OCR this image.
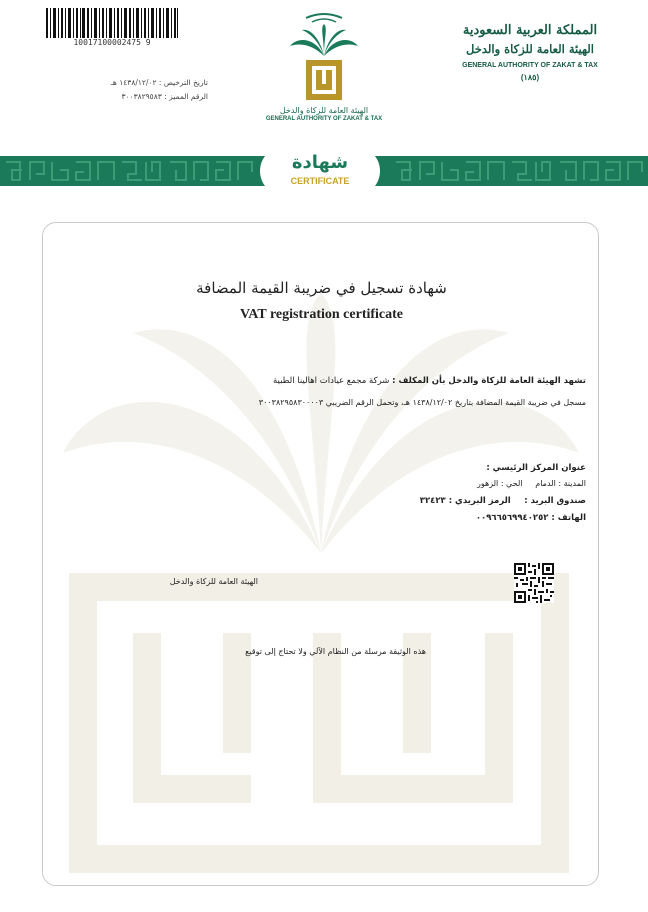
10017100002475 9
تاريخ الترخيص : ١٤٣٨/١٢/٠٢ هـ
الرقم المميز : ٣٠٠٣٨٢٩٥٨٣
الهيئة العامة للزكاة والدخل
GENERAL AUTHORITY OF ZAKAT & TAX
المملكة العربية السعودية
الهيئة العامة للزكاة والدخل
GENERAL AUTHORITY OF ZAKAT & TAX
(١٨٥)
شهادة
CERTIFICATE
شهادة تسجيل في ضريبة القيمة المضافة
VAT registration certificate
تشهد الهيئة العامة للزكاة والدخل بأن المكلف : شركة مجمع عيادات اهالينا الطبية
مسجل في ضريبة القيمة المضافة بتاريخ ١٤٣٨/١٢/٠٢ هـ، وتحمل الرقم الضريبي ٣٠٠٣٨٢٩٥٨٣٠٠٠٠٣
عنوان المركز الرئيسي :
المدينة : الدمام     الحي : الزهور
صندوق البريد :     الرمز البريدي : ٣٢٤٢٣
الهاتف : ٠٠٩٦٦٥٦٩٩٤٠٢٥٢
الهيئة العامة للزكاة والدخل
هذه الوثيقة مرسلة من النظام الآلي ولا تحتاج إلى توقيع
